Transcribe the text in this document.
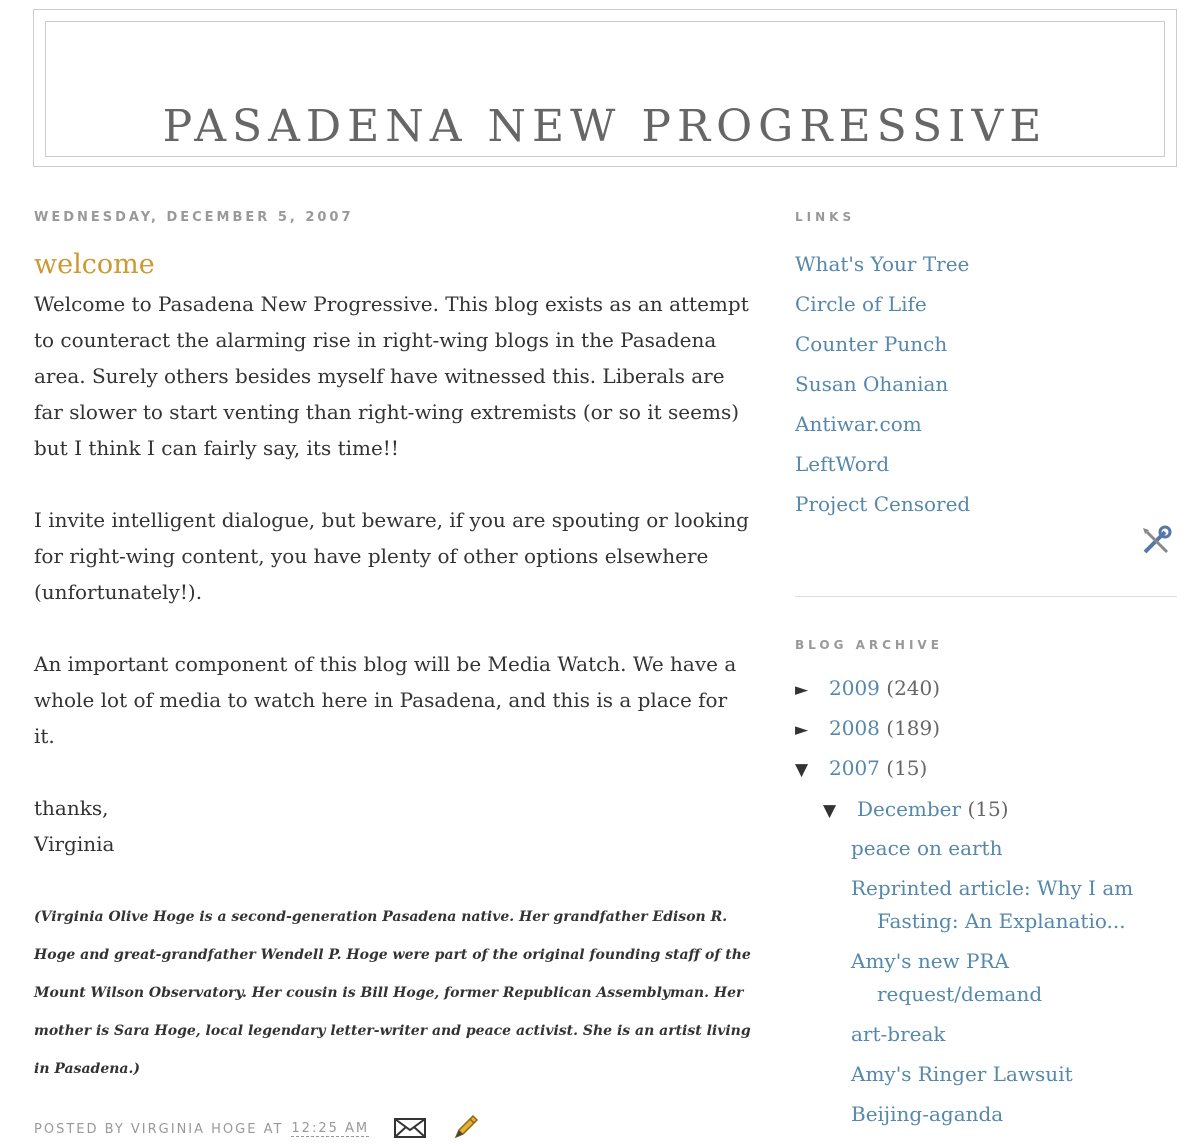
PASADENA NEW PROGRESSIVE
WEDNESDAY, DECEMBER 5, 2007
welcome

Welcome to Pasadena New Progressive. This blog exists as an attempt to counteract the alarming rise in right-wing blogs in the Pasadena area. Surely others besides myself have witnessed this. Liberals are far slower to start venting than right-wing extremists (or so it seems) but I think I can fairly say, its time!!

I invite intelligent dialogue, but beware, if you are spouting or looking for right-wing content, you have plenty of other options elsewhere (unfortunately!).

An important component of this blog will be Media Watch. We have a whole lot of media to watch here in Pasadena, and this is a place for it.

thanks,
Virginia

(Virginia Olive Hoge is a second-generation Pasadena native. Her grandfather Edison R. Hoge and great-grandfather Wendell P. Hoge were part of the original founding staff of the Mount Wilson Observatory. Her cousin is Bill Hoge, former Republican Assemblyman. Her mother is Sara Hoge, local legendary letter-writer and peace activist. She is an artist living in Pasadena.)
POSTED BY VIRGINIA HOGE AT 12:25 AM
LINKS
What's Your Tree
Circle of Life
Counter Punch
Susan Ohanian
Antiwar.com
LeftWord
Project Censored
BLOG ARCHIVE
► 2009 (240)
► 2008 (189)
▼ 2007 (15)
▼ December (15)
peace on earth
Reprinted article: Why I am Fasting: An Explanatio...
Amy's new PRA request/demand
art-break
Amy's Ringer Lawsuit
Beijing-aganda
